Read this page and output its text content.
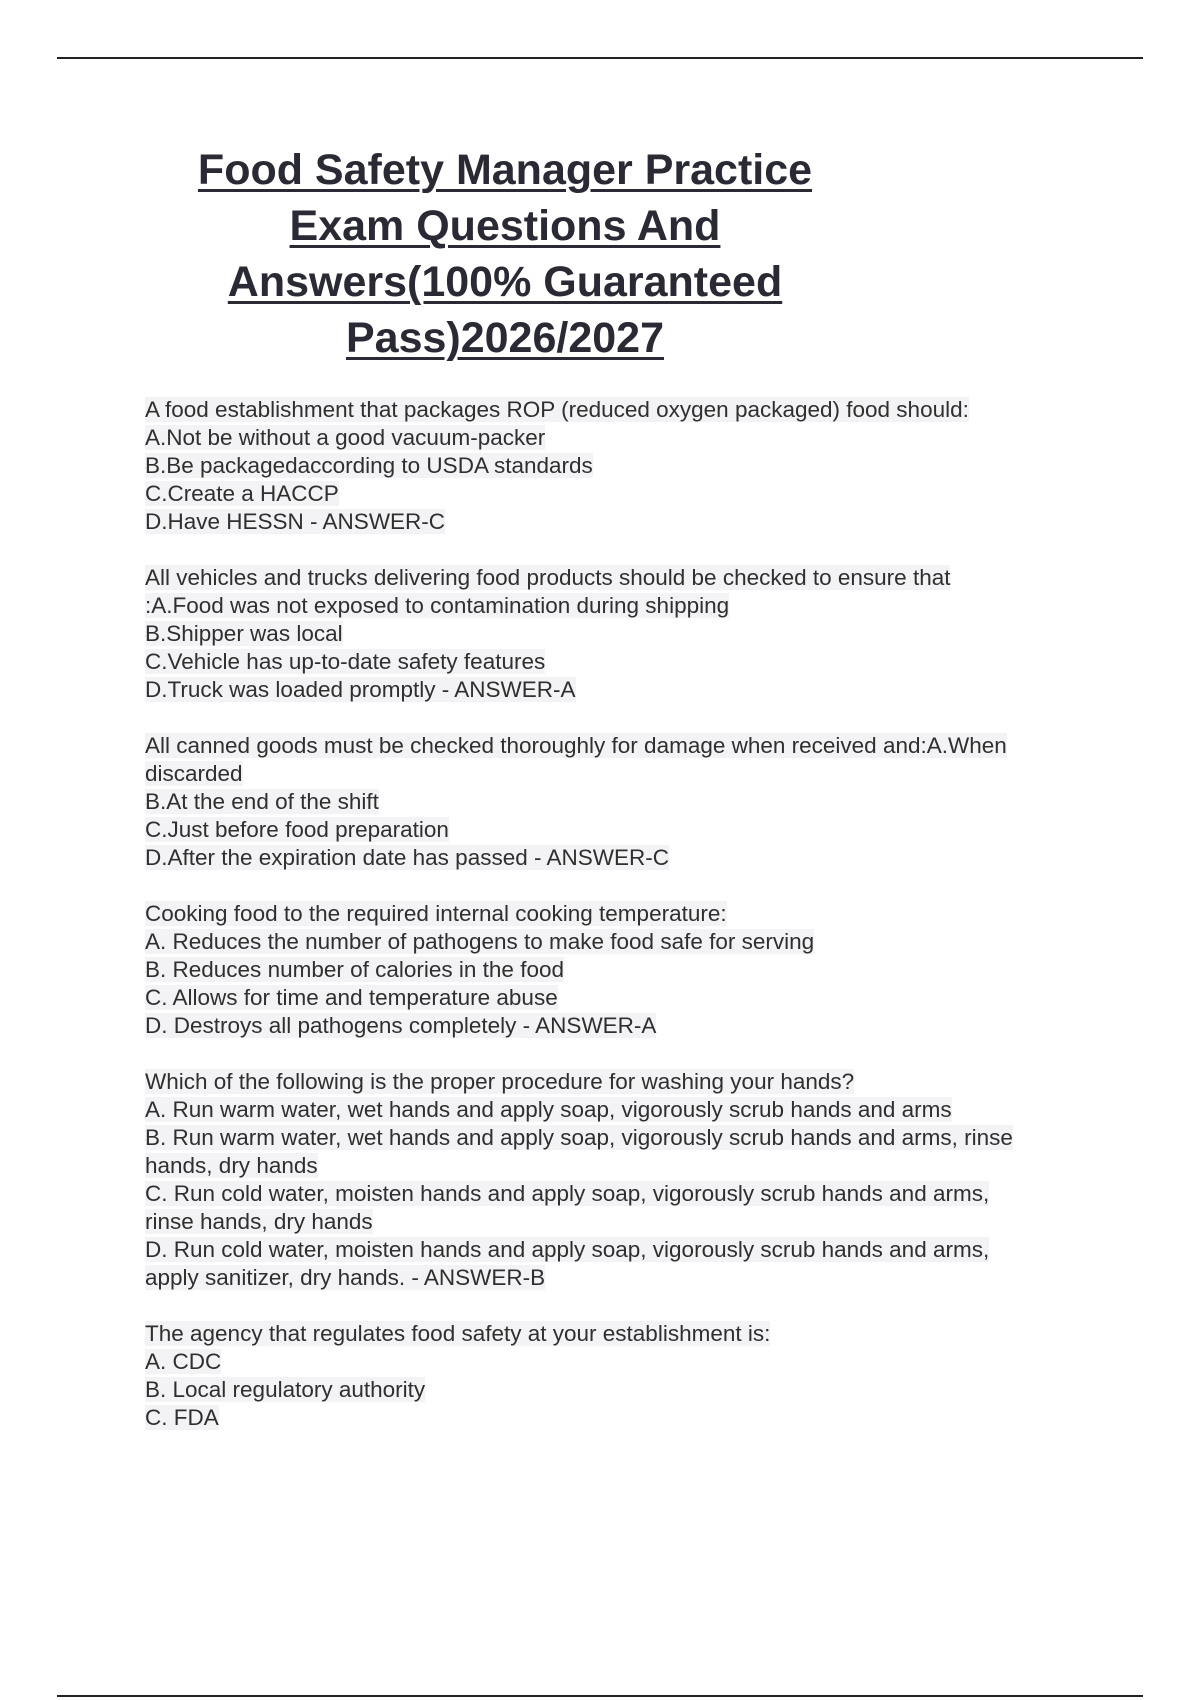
Food Safety Manager Practice
Exam Questions And
Answers(100% Guaranteed
Pass)2026/2027
A food establishment that packages ROP (reduced oxygen packaged) food should:
A.Not be without a good vacuum-packer
B.Be packagedaccording to USDA standards
C.Create a HACCP
D.Have HESSN - ANSWER-C
All vehicles and trucks delivering food products should be checked to ensure that
:A.Food was not exposed to contamination during shipping
B.Shipper was local
C.Vehicle has up-to-date safety features
D.Truck was loaded promptly - ANSWER-A
All canned goods must be checked thoroughly for damage when received and:A.When
discarded
B.At the end of the shift
C.Just before food preparation
D.After the expiration date has passed - ANSWER-C
Cooking food to the required internal cooking temperature:
A. Reduces the number of pathogens to make food safe for serving
B. Reduces number of calories in the food
C. Allows for time and temperature abuse
D. Destroys all pathogens completely - ANSWER-A
Which of the following is the proper procedure for washing your hands?
A. Run warm water, wet hands and apply soap, vigorously scrub hands and arms
B. Run warm water, wet hands and apply soap, vigorously scrub hands and arms, rinse
hands, dry hands
C. Run cold water, moisten hands and apply soap, vigorously scrub hands and arms,
rinse hands, dry hands
D. Run cold water, moisten hands and apply soap, vigorously scrub hands and arms,
apply sanitizer, dry hands. - ANSWER-B
The agency that regulates food safety at your establishment is:
A. CDC
B. Local regulatory authority
C. FDA
